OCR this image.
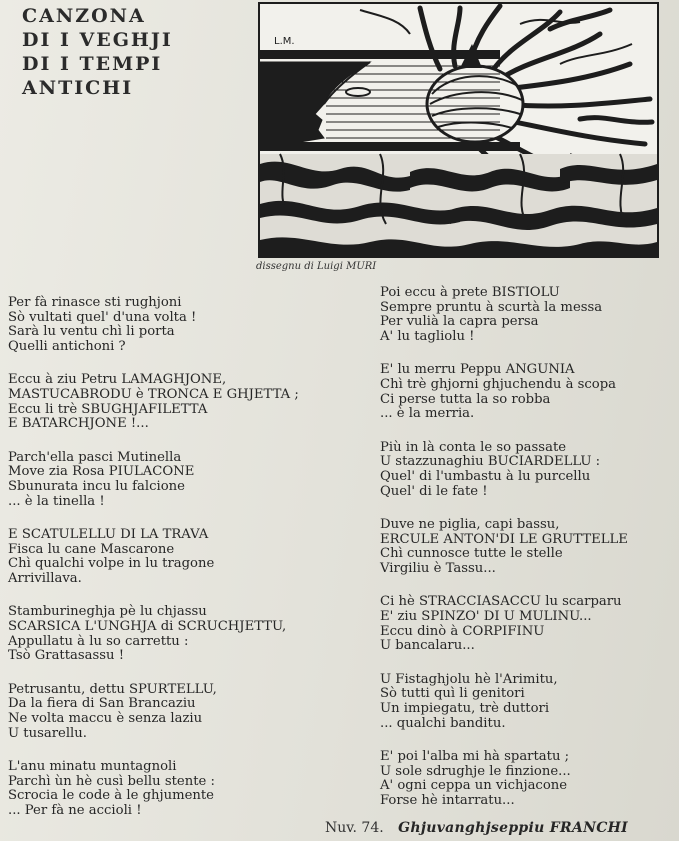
CANZONA
DI I VEGHJI
DI I TEMPI
ANTICHI
L.M.
dissegnu di Luigi MURI
Per fà rinasce sti rughjoni
Sò vultati quel' d'una volta !
Sarà lu ventu chì li porta
Quelli antichoni ?
Eccu à ziu Petru LAMAGHJONE,
MASTUCABRODU è TRONCA E GHJETTA ;
Eccu li trè SBUGHJAFILETTA
E BATARCHJONE !...
Parch'ella pasci Mutinella
Move zia Rosa PIULACONE
Sbunurata incu lu falcione
... è la tinella !
E SCATULELLU DI LA TRAVA
Fisca lu cane Mascarone
Chì qualchi volpe in lu tragone
Arrivillava.
Stamburineghja pè lu chjassu
SCARSICA L'UNGHJA di SCRUCHJETTU,
Appullatu à lu so carrettu :
Tsò Grattasassu !
Petrusantu, dettu SPURTELLU,
Da la fiera di San Brancaziu
Ne volta maccu è senza laziu
U tusarellu.
L'anu minatu muntagnoli
Parchì ùn hè cusì bellu stente :
Scrocia le code à le ghjumente
... Per fà ne accioli !
Poi eccu à prete BISTIOLU
Sempre pruntu à scurtà la messa
Per vulià la capra persa
A' lu tagliolu !
E' lu merru Peppu ANGUNIA
Chì trè ghjorni ghjuchendu à scopa
Ci perse tutta la so robba
... è la merria.
Più in là conta le so passate
U stazzunaghiu BUCIARDELLU :
Quel' di l'umbastu à lu purcellu
Quel' di le fate !
Duve ne piglia, capi bassu,
ERCULE ANTON'DI LE GRUTTELLE
Chì cunnosce tutte le stelle
Virgiliu è Tassu...
Ci hè STRACCIASACCU lu scarparu
E' ziu SPINZO' DI U MULINU...
Eccu dinò à CORPIFINU
U bancalaru...
U Fistaghjolu hè l'Arimitu,
Sò tutti quì li genitori
Un impiegatu, trè duttori
... qualchi banditu.
E' poi l'alba mi hà spartatu ;
U sole sdrughje le finzione...
A' ogni ceppa un vichjacone
Forse hè intarratu...
Nuv. 74. Ghjuvanghjseppiu FRANCHI
